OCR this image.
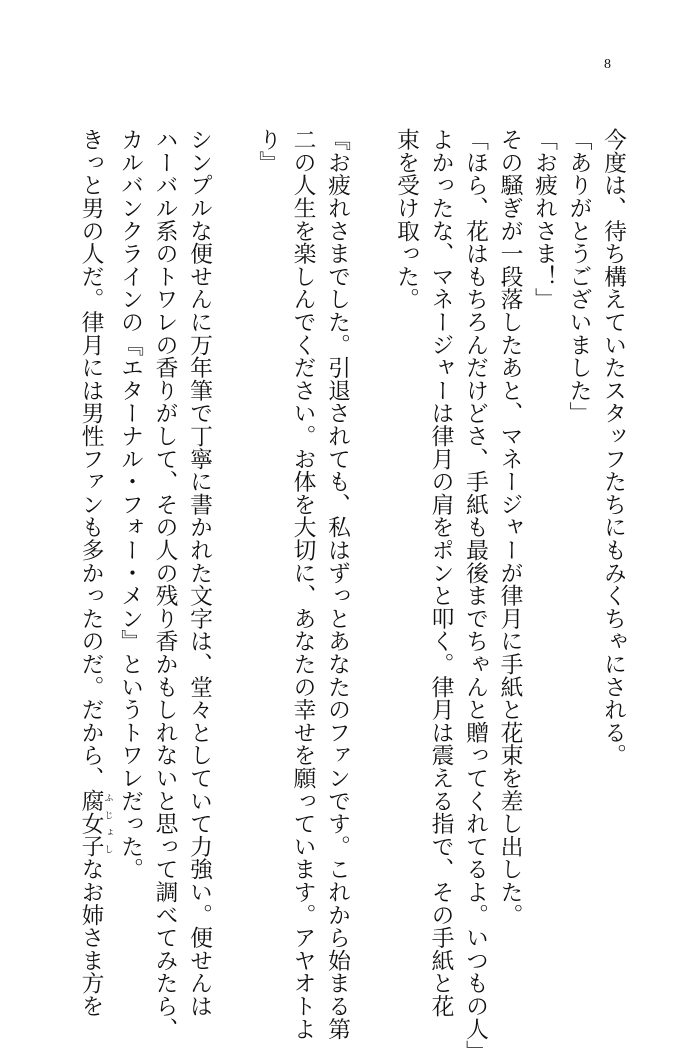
8
今度は、待ち構えていたスタッフたちにもみくちゃにされる。
「ありがとうございました」
「お疲れさま！」
その騒ぎが一段落したあと、マネージャーが律月に手紙と花束を差し出した。
「ほら、花はもちろんだけどさ、手紙も最後までちゃんと贈ってくれてるよ。いつもの人」
よかったな、マネージャーは律月の肩をポンと叩く。律月は震える指で、その手紙と花
束を受け取った。
『お疲れさまでした。引退されても、私はずっとあなたのファンです。これから始まる第
二の人生を楽しんでください。お体を大切に、あなたの幸せを願っています。アヤオトよ
り』
シンプルな便せんに万年筆で丁寧に書かれた文字は、堂々としていて力強い。便せんは
ハーバル系のトワレの香りがして、その人の残り香かもしれないと思って調べてみたら、
カルバンクラインの『エターナル・フォー・メン』というトワレだった。
きっと男の人だ。律月には男性ファンも多かったのだ。だから、腐女子 ふじょしなお姉さま方を
